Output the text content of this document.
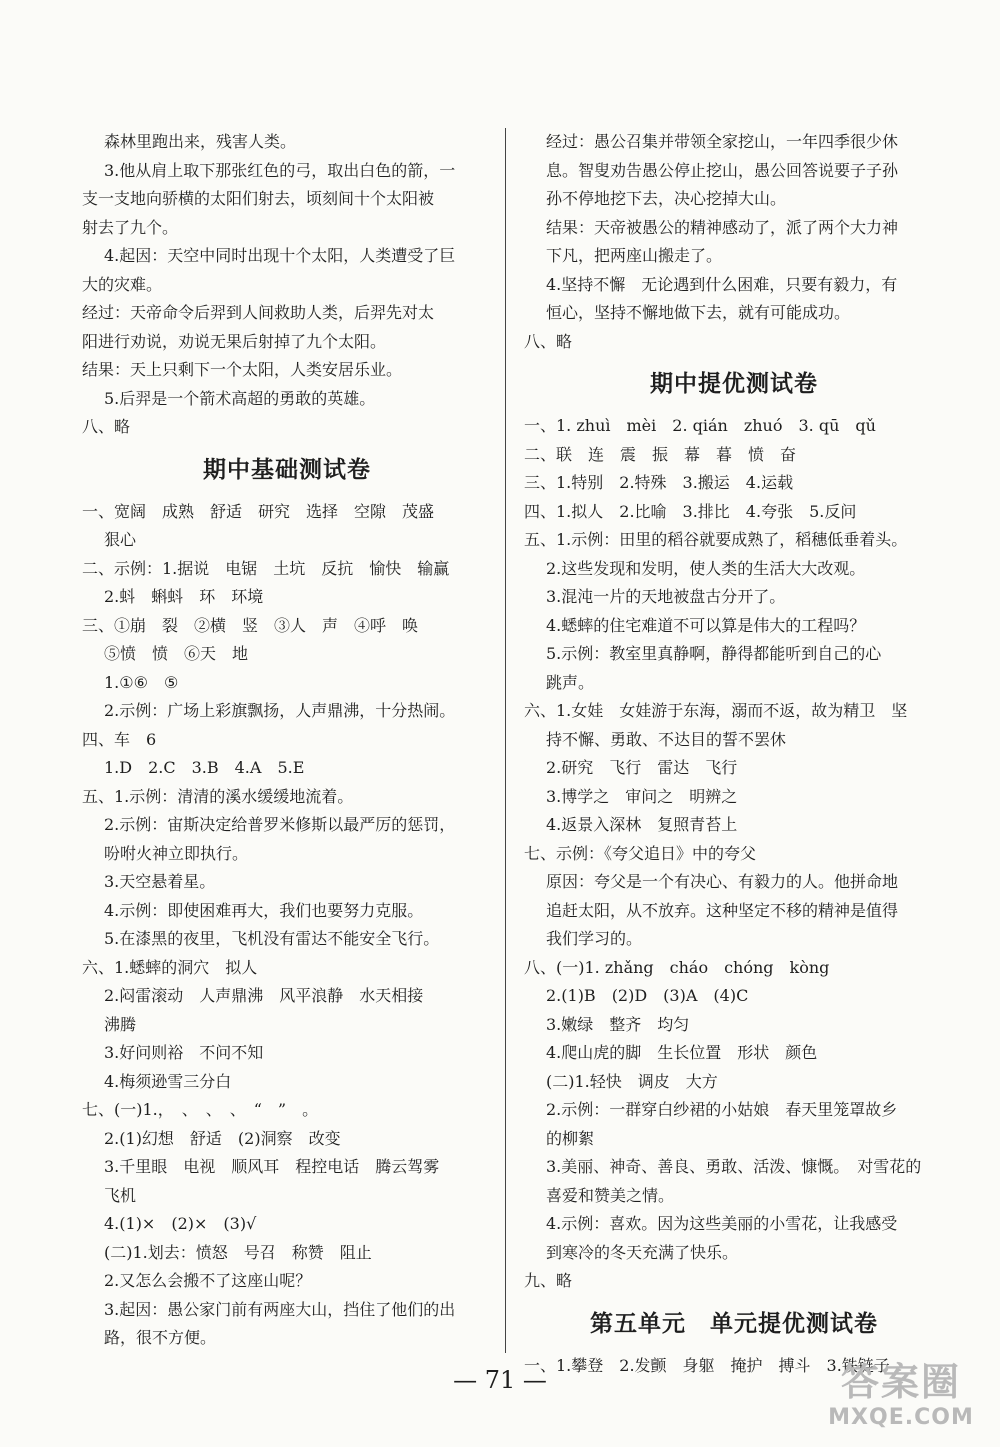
森林里跑出来，残害人类。
3.他从肩上取下那张红色的弓，取出白色的箭，一
支一支地向骄横的太阳们射去，顷刻间十个太阳被
射去了九个。
4.起因：天空中同时出现十个太阳，人类遭受了巨
大的灾难。
经过：天帝命令后羿到人间救助人类，后羿先对太
阳进行劝说，劝说无果后射掉了九个太阳。
结果：天上只剩下一个太阳，人类安居乐业。
5.后羿是一个箭术高超的勇敢的英雄。
八、略
期中基础测试卷
一、宽阔　成熟　舒适　研究　选择　空隙　茂盛
狠心
二、示例：1.据说　电锯　土坑　反抗　愉快　输赢
2.蚪　蝌蚪　环　环境
三、①崩　裂　②横　竖　③人　声　④呼　唤
⑤愤　愤　⑥天　地
1.①⑥　⑤
2.示例：广场上彩旗飘扬，人声鼎沸，十分热闹。
四、车　6
1.D　2.C　3.B　4.A　5.E
五、1.示例：清清的溪水缓缓地流着。
2.示例：宙斯决定给普罗米修斯以最严厉的惩罚，
吩咐火神立即执行。
3.天空悬着星。
4.示例：即使困难再大，我们也要努力克服。
5.在漆黑的夜里，飞机没有雷达不能安全飞行。
六、1.蟋蟀的洞穴　拟人
2.闷雷滚动　人声鼎沸　风平浪静　水天相接
沸腾
3.好问则裕　不问不知
4.梅须逊雪三分白
七、(一)1.，　、　、　、　“　”　。
2.(1)幻想　舒适　(2)洞察　改变
3.千里眼　电视　顺风耳　程控电话　腾云驾雾
飞机
4.(1)×　(2)×　(3)√
(二)1.划去：愤怒　号召　称赞　阻止
2.又怎么会搬不了这座山呢？
3.起因：愚公家门前有两座大山，挡住了他们的出
路，很不方便。
经过：愚公召集并带领全家挖山，一年四季很少休
息。智叟劝告愚公停止挖山，愚公回答说要子子孙
孙不停地挖下去，决心挖掉大山。
结果：天帝被愚公的精神感动了，派了两个大力神
下凡，把两座山搬走了。
4.坚持不懈　无论遇到什么困难，只要有毅力，有
恒心，坚持不懈地做下去，就有可能成功。
八、略
期中提优测试卷
一、1. zhuì　mèi　2. qián　zhuó　3. qū　qǔ
二、联　连　震　振　幕　暮　愤　奋
三、1.特别　2.特殊　3.搬运　4.运载
四、1.拟人　2.比喻　3.排比　4.夸张　5.反问
五、1.示例：田里的稻谷就要成熟了，稻穗低垂着头。
2.这些发现和发明，使人类的生活大大改观。
3.混沌一片的天地被盘古分开了。
4.蟋蟀的住宅难道不可以算是伟大的工程吗？
5.示例：教室里真静啊，静得都能听到自己的心
跳声。
六、1.女娃　女娃游于东海，溺而不返，故为精卫　坚
持不懈、勇敢、不达目的誓不罢休
2.研究　飞行　雷达　飞行
3.博学之　审问之　明辨之
4.返景入深林　复照青苔上
七、示例：《夸父追日》中的夸父
原因：夸父是一个有决心、有毅力的人。他拼命地
追赶太阳，从不放弃。这种坚定不移的精神是值得
我们学习的。
八、(一)1. zhǎng　cháo　chóng　kòng
2.(1)B　(2)D　(3)A　(4)C
3.嫩绿　整齐　均匀
4.爬山虎的脚　生长位置　形状　颜色
(二)1.轻快　调皮　大方
2.示例：一群穿白纱裙的小姑娘　春天里笼罩故乡
的柳絮
3.美丽、神奇、善良、勇敢、活泼、慷慨。　对雪花的
喜爱和赞美之情。
4.示例：喜欢。因为这些美丽的小雪花，让我感受
到寒冷的冬天充满了快乐。
九、略
第五单元　单元提优测试卷
一、1.攀登　2.发颤　身躯　掩护　搏斗　3.铁链子
— 71 —	答案圈
MXQE.COM
